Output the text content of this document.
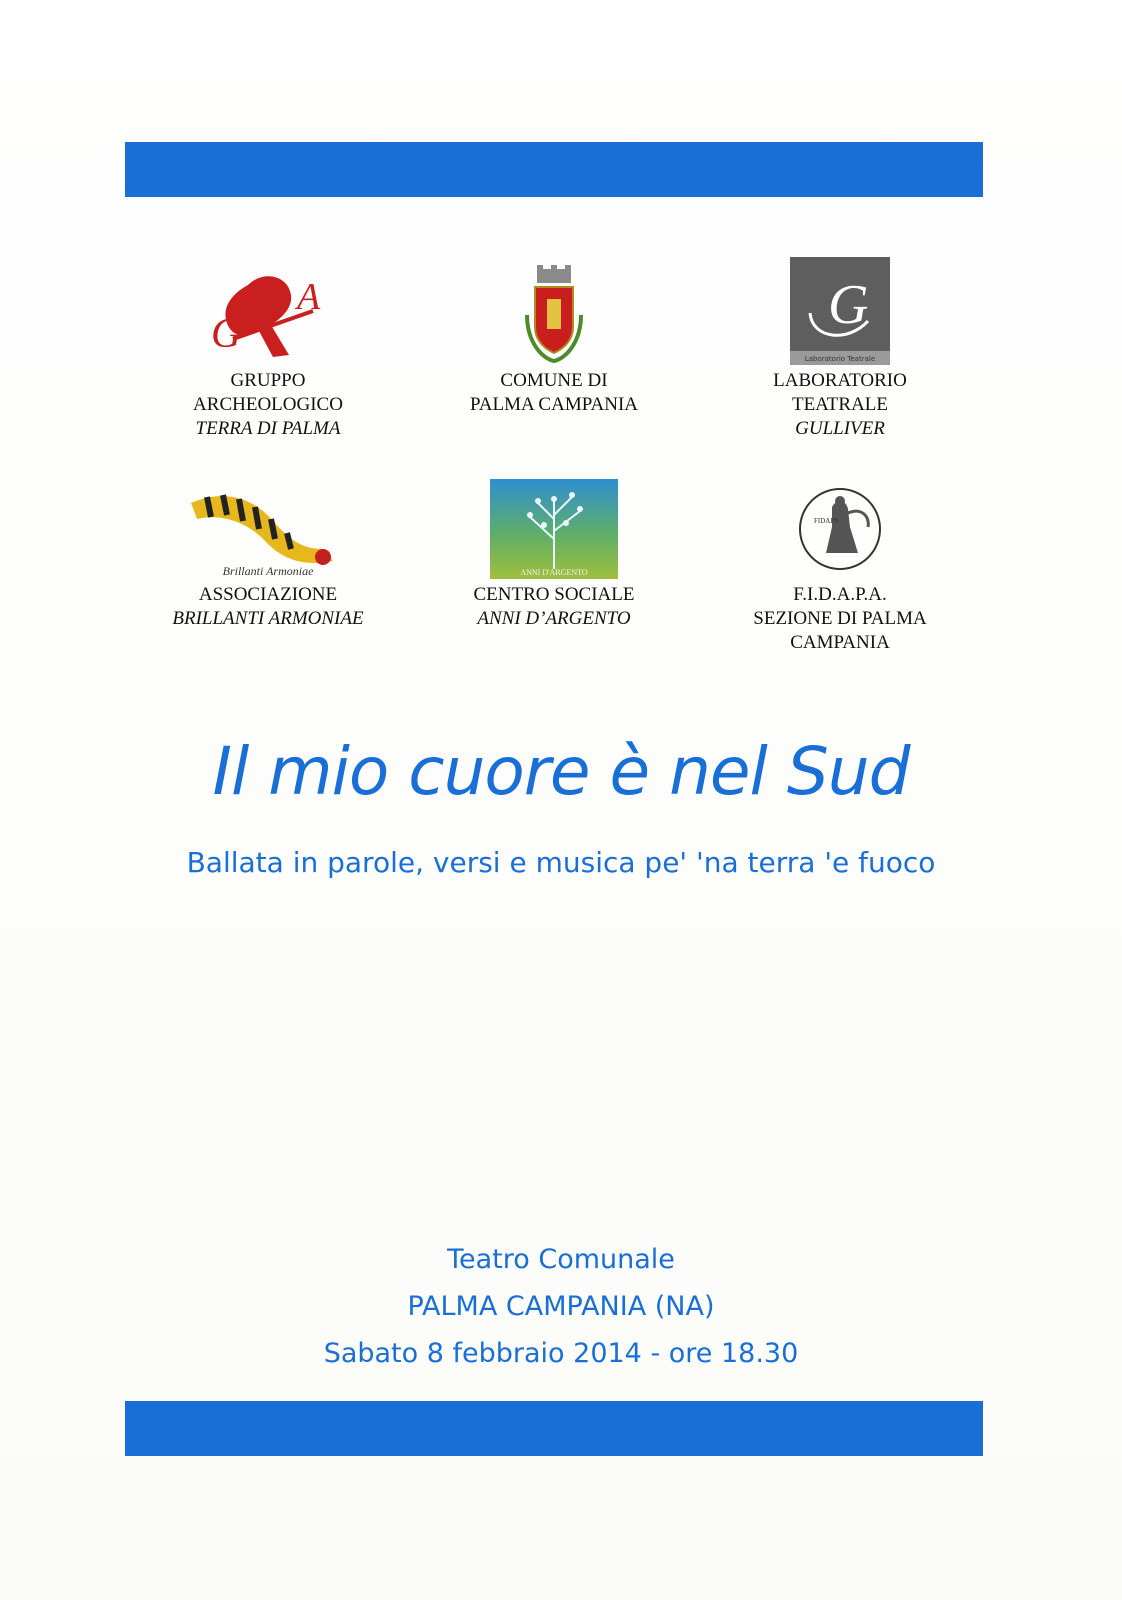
G
A
GRUPPO
ARCHEOLOGICO
TERRA DI PALMA
COMUNE DI
PALMA CAMPANIA
G
Laboratorio Teatrale
LABORATORIO
TEATRALE
GULLIVER
Brillanti Armoniae
ASSOCIAZIONE
BRILLANTI ARMONIAE
ANNI D'ARGENTO
CENTRO SOCIALE
ANNI D’ARGENTO
FIDAPA
F.I.D.A.P.A.
SEZIONE DI PALMA
CAMPANIA
Il mio cuore è nel Sud
Ballata in parole, versi e musica pe' 'na terra 'e fuoco
Teatro Comunale
PALMA CAMPANIA (NA)
Sabato 8 febbraio 2014 - ore 18.30
